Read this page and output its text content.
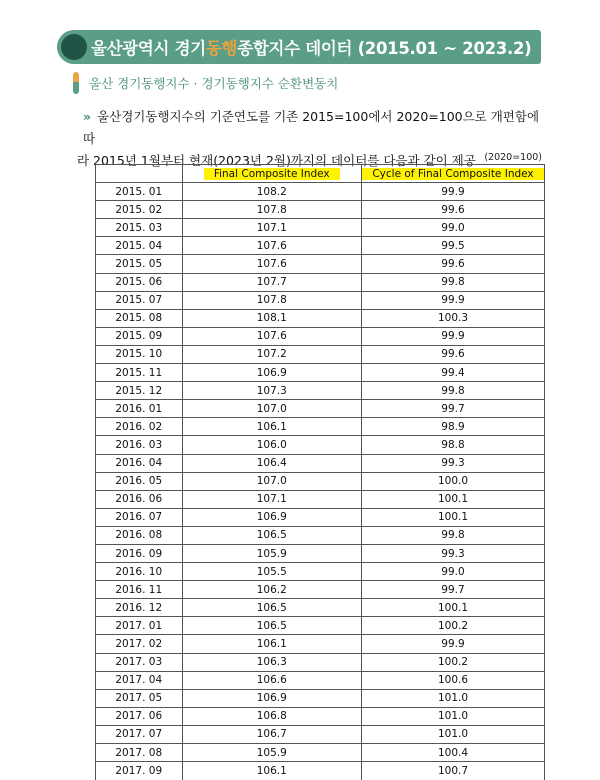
울산광역시 경기동행종합지수 데이터 (2015.01 ~ 2023.2)
울산 경기동행지수 · 경기동행지수 순환변동치
» 울산경기동행지수의 기준연도를 기존 2015=100에서 2020=100으로 개편함에 따
라 2015년 1월부터 현재(2023년 2월)까지의 데이터를 다음과 같이 제공 (2020=100)
	Final Composite Index	Cycle of Final Composite Index
2015. 01	108.2	99.9
2015. 02	107.8	99.6
2015. 03	107.1	99.0
2015. 04	107.6	99.5
2015. 05	107.6	99.6
2015. 06	107.7	99.8
2015. 07	107.8	99.9
2015. 08	108.1	100.3
2015. 09	107.6	99.9
2015. 10	107.2	99.6
2015. 11	106.9	99.4
2015. 12	107.3	99.8
2016. 01	107.0	99.7
2016. 02	106.1	98.9
2016. 03	106.0	98.8
2016. 04	106.4	99.3
2016. 05	107.0	100.0
2016. 06	107.1	100.1
2016. 07	106.9	100.1
2016. 08	106.5	99.8
2016. 09	105.9	99.3
2016. 10	105.5	99.0
2016. 11	106.2	99.7
2016. 12	106.5	100.1
2017. 01	106.5	100.2
2017. 02	106.1	99.9
2017. 03	106.3	100.2
2017. 04	106.6	100.6
2017. 05	106.9	101.0
2017. 06	106.8	101.0
2017. 07	106.7	101.0
2017. 08	105.9	100.4
2017. 09	106.1	100.7
